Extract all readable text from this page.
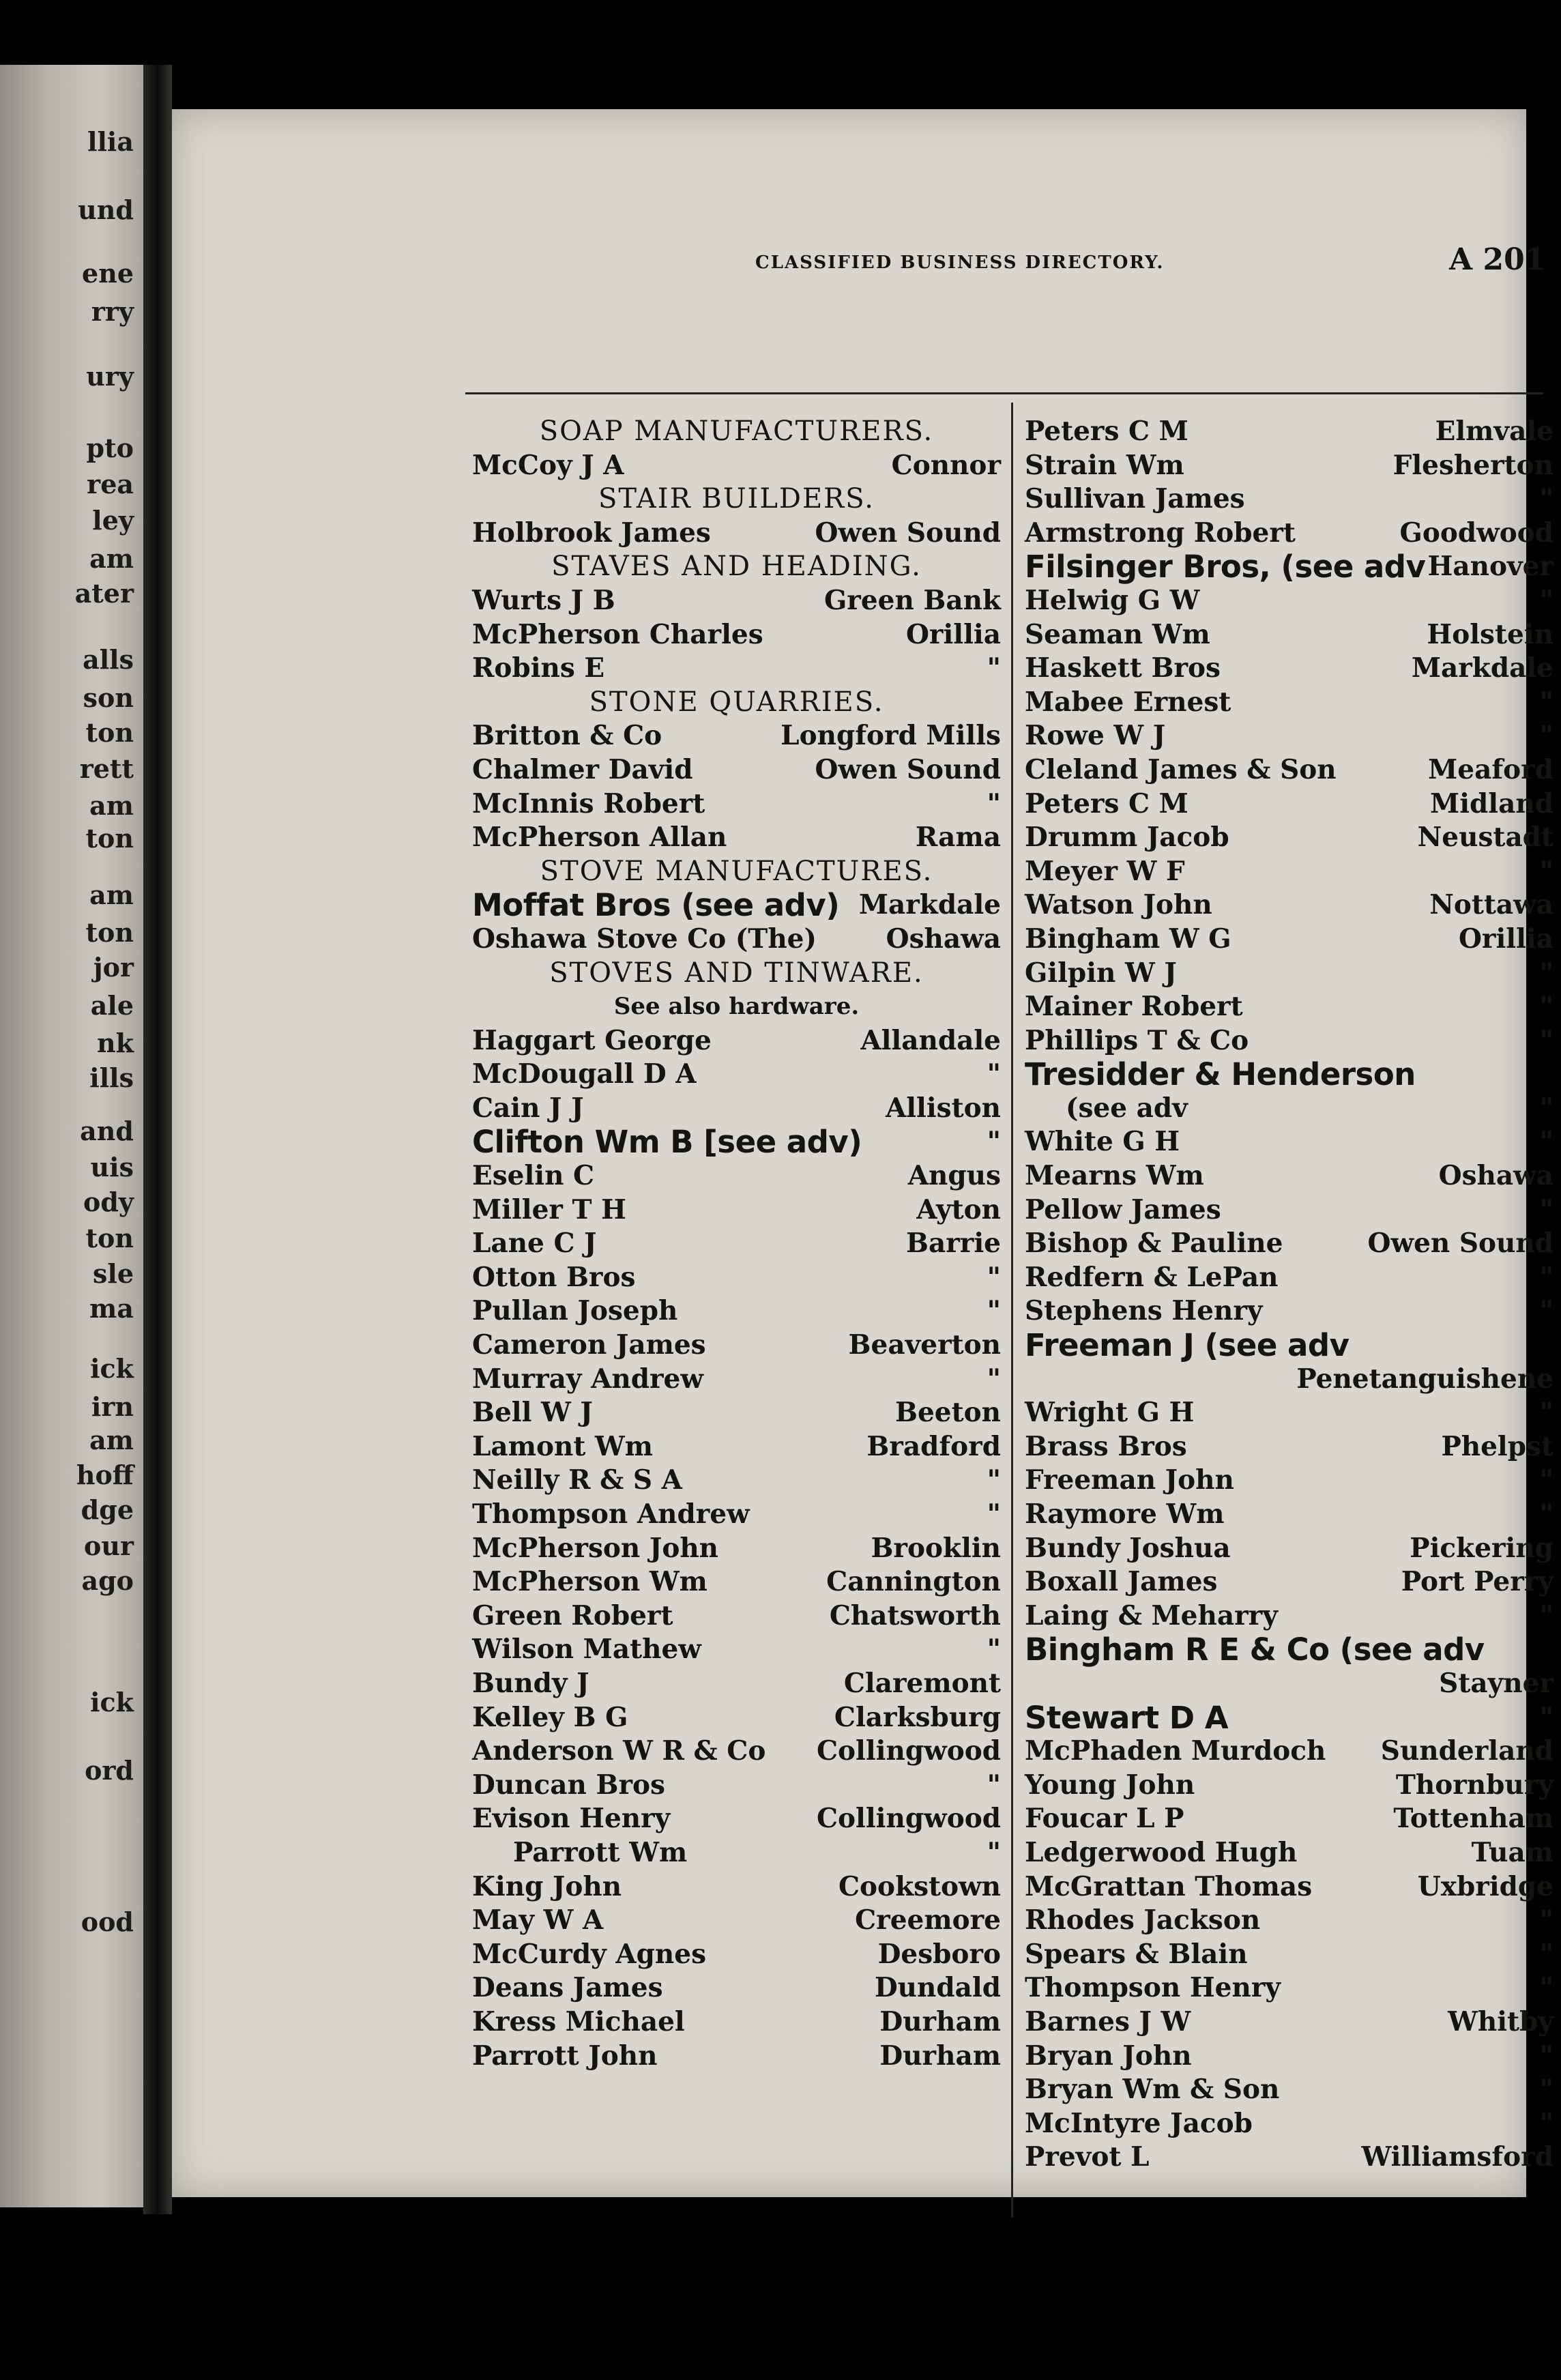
llia
und
ene
rry
ury
pto
rea
ley
am
ater
alls
son
ton
rett
am
ton
am
ton
jor
ale
nk
ills
and
uis
ody
ton
sle
ma
ick
irn
am
hoff
dge
our
ago
ick
ord
ood
CLASSIFIED BUSINESS DIRECTORY.	A 201
SOAP MANUFACTURERS.
McCoy J A	Connor
STAIR BUILDERS.
Holbrook James	Owen Sound
STAVES AND HEADING.
Wurts J B	Green Bank
McPherson Charles	Orillia
Robins E	"
STONE QUARRIES.
Britton & Co	Longford Mills
Chalmer David	Owen Sound
McInnis Robert	"
McPherson Allan	Rama
STOVE MANUFACTURES.
Moffat Bros (see adv) Markdale
Oshawa Stove Co (The)	Oshawa
STOVES AND TINWARE.
See also hardware.
Haggart George	Allandale
McDougall D A	"
Cain J J	Alliston
Clifton Wm B [see adv)	"
Eselin C	Angus
Miller T H	Ayton
Lane C J	Barrie
Otton Bros	"
Pullan Joseph	"
Cameron James	Beaverton
Murray Andrew	"
Bell W J	Beeton
Lamont Wm	Bradford
Neilly R & S A	"
Thompson Andrew	"
McPherson John	Brooklin
McPherson Wm	Cannington
Green Robert	Chatsworth
Wilson Mathew	"
Bundy J	Claremont
Kelley B G	Clarksburg
Anderson W R & Co Collingwood
Duncan Bros	"
Evison Henry	Collingwood
Parrott Wm	"
King John	Cookstown
May W A	Creemore
McCurdy Agnes	Desboro
Deans James	Dundald
Kress Michael	Durham
Parrott John	Durham
Peters C M	Elmvale
Strain Wm	Flesherton
Sullivan James	"
Armstrong Robert	Goodwood
Filsinger Bros, (see adv Hanover
Helwig G W	"
Seaman Wm	Holstein
Haskett Bros	Markdale
Mabee Ernest	"
Rowe W J	"
Cleland James & Son	Meaford
Peters C M	Midland
Drumm Jacob	Neustadt
Meyer W F	"
Watson John	Nottawa
Bingham W G	Orillia
Gilpin W J	"
Mainer Robert	"
Phillips T & Co	"
Tresidder & Henderson
(see adv	"
White G H	"
Mearns Wm	Oshawa
Pellow James	"
Bishop & Pauline	Owen Sound
Redfern & LePan	"
Stephens Henry	"
Freeman J (see adv
Penetanguishene
Wright G H	"
Brass Bros	Phelpst
Freeman John	"
Raymore Wm	"
Bundy Joshua	Pickering
Boxall James	Port Perry
Laing & Meharry	"
Bingham R E & Co (see adv
Stayner
Stewart D A	"
McPhaden Murdoch Sunderland
Young John	Thornbury
Foucar L P	Tottenham
Ledgerwood Hugh	Tuam
McGrattan Thomas	Uxbridge
Rhodes Jackson	"
Spears & Blain	"
Thompson Henry	"
Barnes J W	Whitby
Bryan John	"
Bryan Wm & Son	"
McIntyre Jacob	"
Prevot L	Williamsford
